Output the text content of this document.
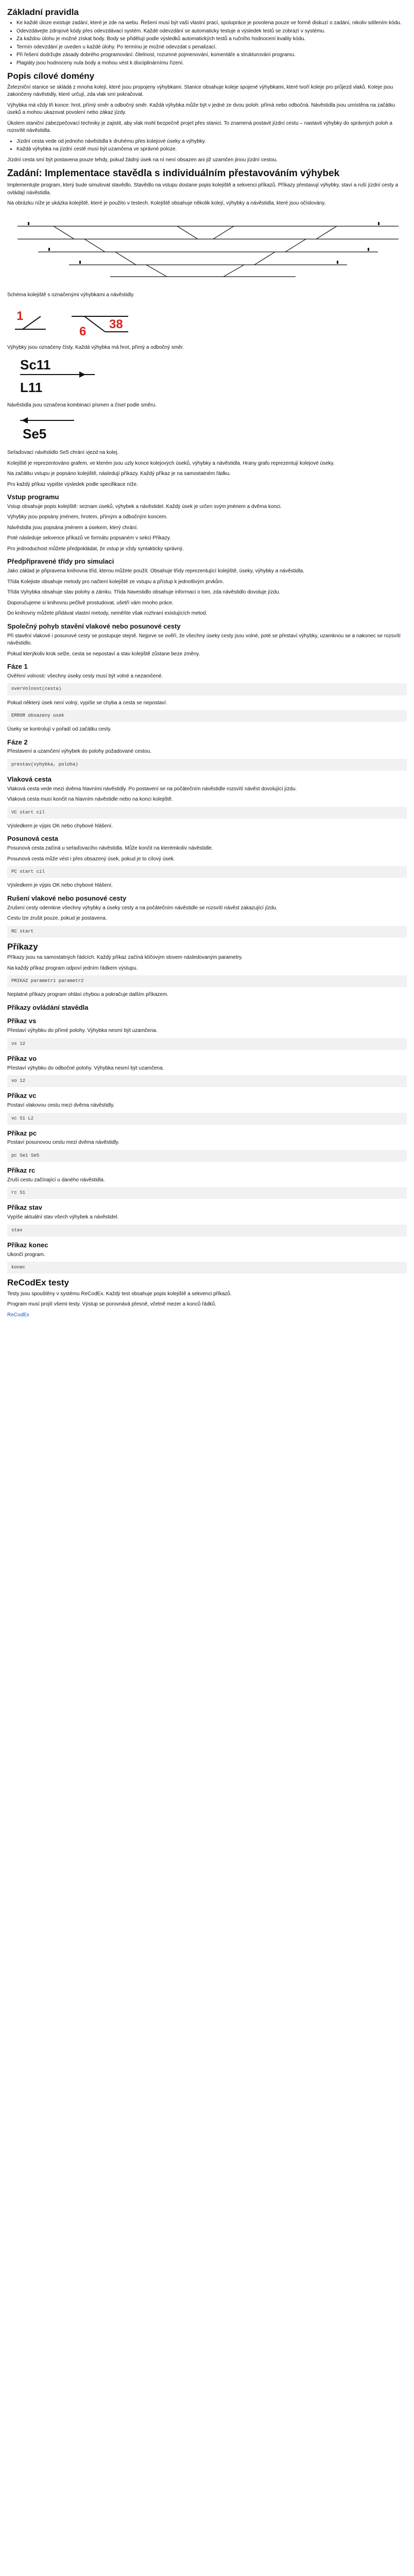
Základní pravidla
• Ke každé úloze existuje zadání, které je zde na webu. Řešení musí být vaší vlastní prací, spolupráce je povolena pouze ve formě diskuzí o zadání, nikoliv sdílením kódu.
• Odevzdávejte zdrojové kódy přes odevzdávací systém. Každé odevzdání se automaticky testuje a výsledek testů se zobrazí v systému.
• Za každou úlohu je možné získat body. Body se přidělují podle výsledků automatických testů a ručního hodnocení kvality kódu.
• Termín odevzdání je uveden u každé úlohy. Po termínu je možné odevzdat s penalizací.
• Při řešení dodržujte zásady dobrého programování: čitelnost, rozumné pojmenování, komentáře a strukturování programu.
• Plagiáty jsou hodnoceny nula body a mohou vést k disciplinárnímu řízení.
Popis cílové domény

Železniční stanice se skládá z mnoha kolejí, které jsou propojeny výhybkami. Stanice obsahuje koleje spojené výhybkami, které tvoří koleje pro průjezd vlaků. Koleje jsou zakončeny návěstidly, které určují, zda vlak smí pokračovat.

Výhybka má vždy tři konce: hrot, přímý směr a odbočný směr. Každá výhybka může být v jedné ze dvou poloh: přímá nebo odbočná. Návěstidla jsou umístěna na začátku úseků a mohou ukazovat povolení nebo zákaz jízdy.

Úkolem staniční zabezpečovací techniky je zajistit, aby vlak mohl bezpečně projet přes stanici. To znamená postavit jízdní cestu – nastavit výhybky do správných poloh a rozsvítit návěstidla.

• Jízdní cesta vede od jednoho návěstidla k druhému přes kolejové úseky a výhybky.
• Každá výhybka na jízdní cestě musí být uzamčena ve správné poloze.

Jízdní cesta smí být postavena pouze tehdy, pokud žádný úsek na ní není obsazen ani již uzamčen jinou jízdní cestou.

Zadání: Implementace stavědla s individuálním přestavováním výhybek

Implementujte program, který bude simulovat stavědlo. Stavědlo na vstupu dostane popis kolejiště a sekvenci příkazů. Příkazy přestavují výhybky, staví a ruší jízdní cesty a ovládají návěstidla.

Na obrázku níže je ukázka kolejiště, které je použito v testech. Kolejiště obsahuje několik kolejí, výhybky a návěstidla, které jsou očíslovány.

Schéma kolejiště s označenými výhybkami a návěstidly.

1
6
38

Výhybky jsou označeny čísly. Každá výhybka má hrot, přímý a odbočný směr.

Sc11
L11

Návěstidla jsou označena kombinací písmen a čísel podle směru.

Se5

Seřaďovací návěstidlo Se5 chrání vjezd na kolej.

Kolejiště je reprezentováno grafem, ve kterém jsou uzly konce kolejových úseků, výhybky a návěstidla. Hrany grafu reprezentují kolejové úseky.

Na začátku vstupu je popsáno kolejiště, následují příkazy. Každý příkaz je na samostatném řádku.

Pro každý příkaz vypište výsledek podle specifikace níže.

Vstup programu

Vstup obsahuje popis kolejiště: seznam úseků, výhybek a návěstidel. Každý úsek je určen svým jménem a dvěma konci.

Výhybky jsou popsány jménem, hrotem, přímým a odbočným koncem.

Návěstidla jsou popsána jménem a úsekem, který chrání.

Poté následuje sekvence příkazů ve formátu popsaném v sekci Příkazy.

Pro jednoduchost můžete předpokládat, že vstup je vždy syntakticky správný.

Předpřipravené třídy pro simulaci

Jako základ je připravena knihovna tříd, kterou můžete použít. Obsahuje třídy reprezentující kolejiště, úseky, výhybky a návěstidla.

Třída Kolejiste obsahuje metody pro načtení kolejiště ze vstupu a přístup k jednotlivým prvkům.

Třída Vyhybka obsahuje stav polohy a zámku. Třída Navestidlo obsahuje informaci o tom, zda návěstidlo dovoluje jízdu.

Doporučujeme si knihovnu pečlivě prostudovat, ušetří vám mnoho práce.

Do knihovny můžete přidávat vlastní metody, neměňte však rozhraní existujících metod.

Společný pohyb stavění vlakové nebo posunové cesty

Při stavění vlakové i posunové cesty se postupuje stejně. Nejprve se ověří, že všechny úseky cesty jsou volné, poté se přestaví výhybky, uzamknou se a nakonec se rozsvítí návěstidlo.

Pokud kterýkoliv krok selže, cesta se nepostaví a stav kolejiště zůstane beze změny.

Fáze 1

Ověření volnosti: všechny úseky cesty musí být volné a nezamčené.

overVolnost(cesta)

Pokud některý úsek není volný, vypíše se chyba a cesta se nepostaví.

ERROR obsazeny usek

Úseky se kontrolují v pořadí od začátku cesty.

Fáze 2

Přestavení a uzamčení výhybek do polohy požadované cestou.

prestav(vyhybka, poloha)
Vlaková cesta

Vlaková cesta vede mezi dvěma hlavními návěstidly. Po postavení se na počátečním návěstidle rozsvítí návěst dovolující jízdu.

Vlaková cesta musí končit na hlavním návěstidle nebo na konci kolejiště.

VC start cil

Výsledkem je výpis OK nebo chybové hlášení.

Posunová cesta

Posunová cesta začíná u seřaďovacího návěstidla. Může končit na kterémkoliv návěstidle.

Posunová cesta může vést i přes obsazený úsek, pokud je to cílový úsek.

PC start cil

Výsledkem je výpis OK nebo chybové hlášení.

Rušení vlakové nebo posunové cesty

Zrušení cesty odemkne všechny výhybky a úseky cesty a na počátečním návěstidle se rozsvítí návěst zakazující jízdu.

Cestu lze zrušit pouze, pokud je postavena.

RC start
Příkazy

Příkazy jsou na samostatných řádcích. Každý příkaz začíná klíčovým slovem následovaným parametry.

Na každý příkaz program odpoví jedním řádkem výstupu.

PRIKAZ parametr1 parametr2

Neplatné příkazy program ohlásí chybou a pokračuje dalším příkazem.

Příkazy ovládání stavědla
Příkaz vs

Přestaví výhybku do přímé polohy. Výhybka nesmí být uzamčena.

vs 12
Příkaz vo

Přestaví výhybku do odbočné polohy. Výhybka nesmí být uzamčena.

vo 12
Příkaz vc

Postaví vlakovou cestu mezi dvěma návěstidly.

vc S1 L2
Příkaz pc

Postaví posunovou cestu mezi dvěma návěstidly.

pc Se1 Se5
Příkaz rc

Zruší cestu začínající u daného návěstidla.

rc S1
Příkaz stav

Vypíše aktuální stav všech výhybek a návěstidel.

stav
Příkaz konec

Ukončí program.

konec
ReCodEx testy

Testy jsou spouštěny v systému ReCodEx. Každý test obsahuje popis kolejiště a sekvenci příkazů.

Program musí projít všemi testy. Výstup se porovnává přesně, včetně mezer a konců řádků.

ReCodEx
